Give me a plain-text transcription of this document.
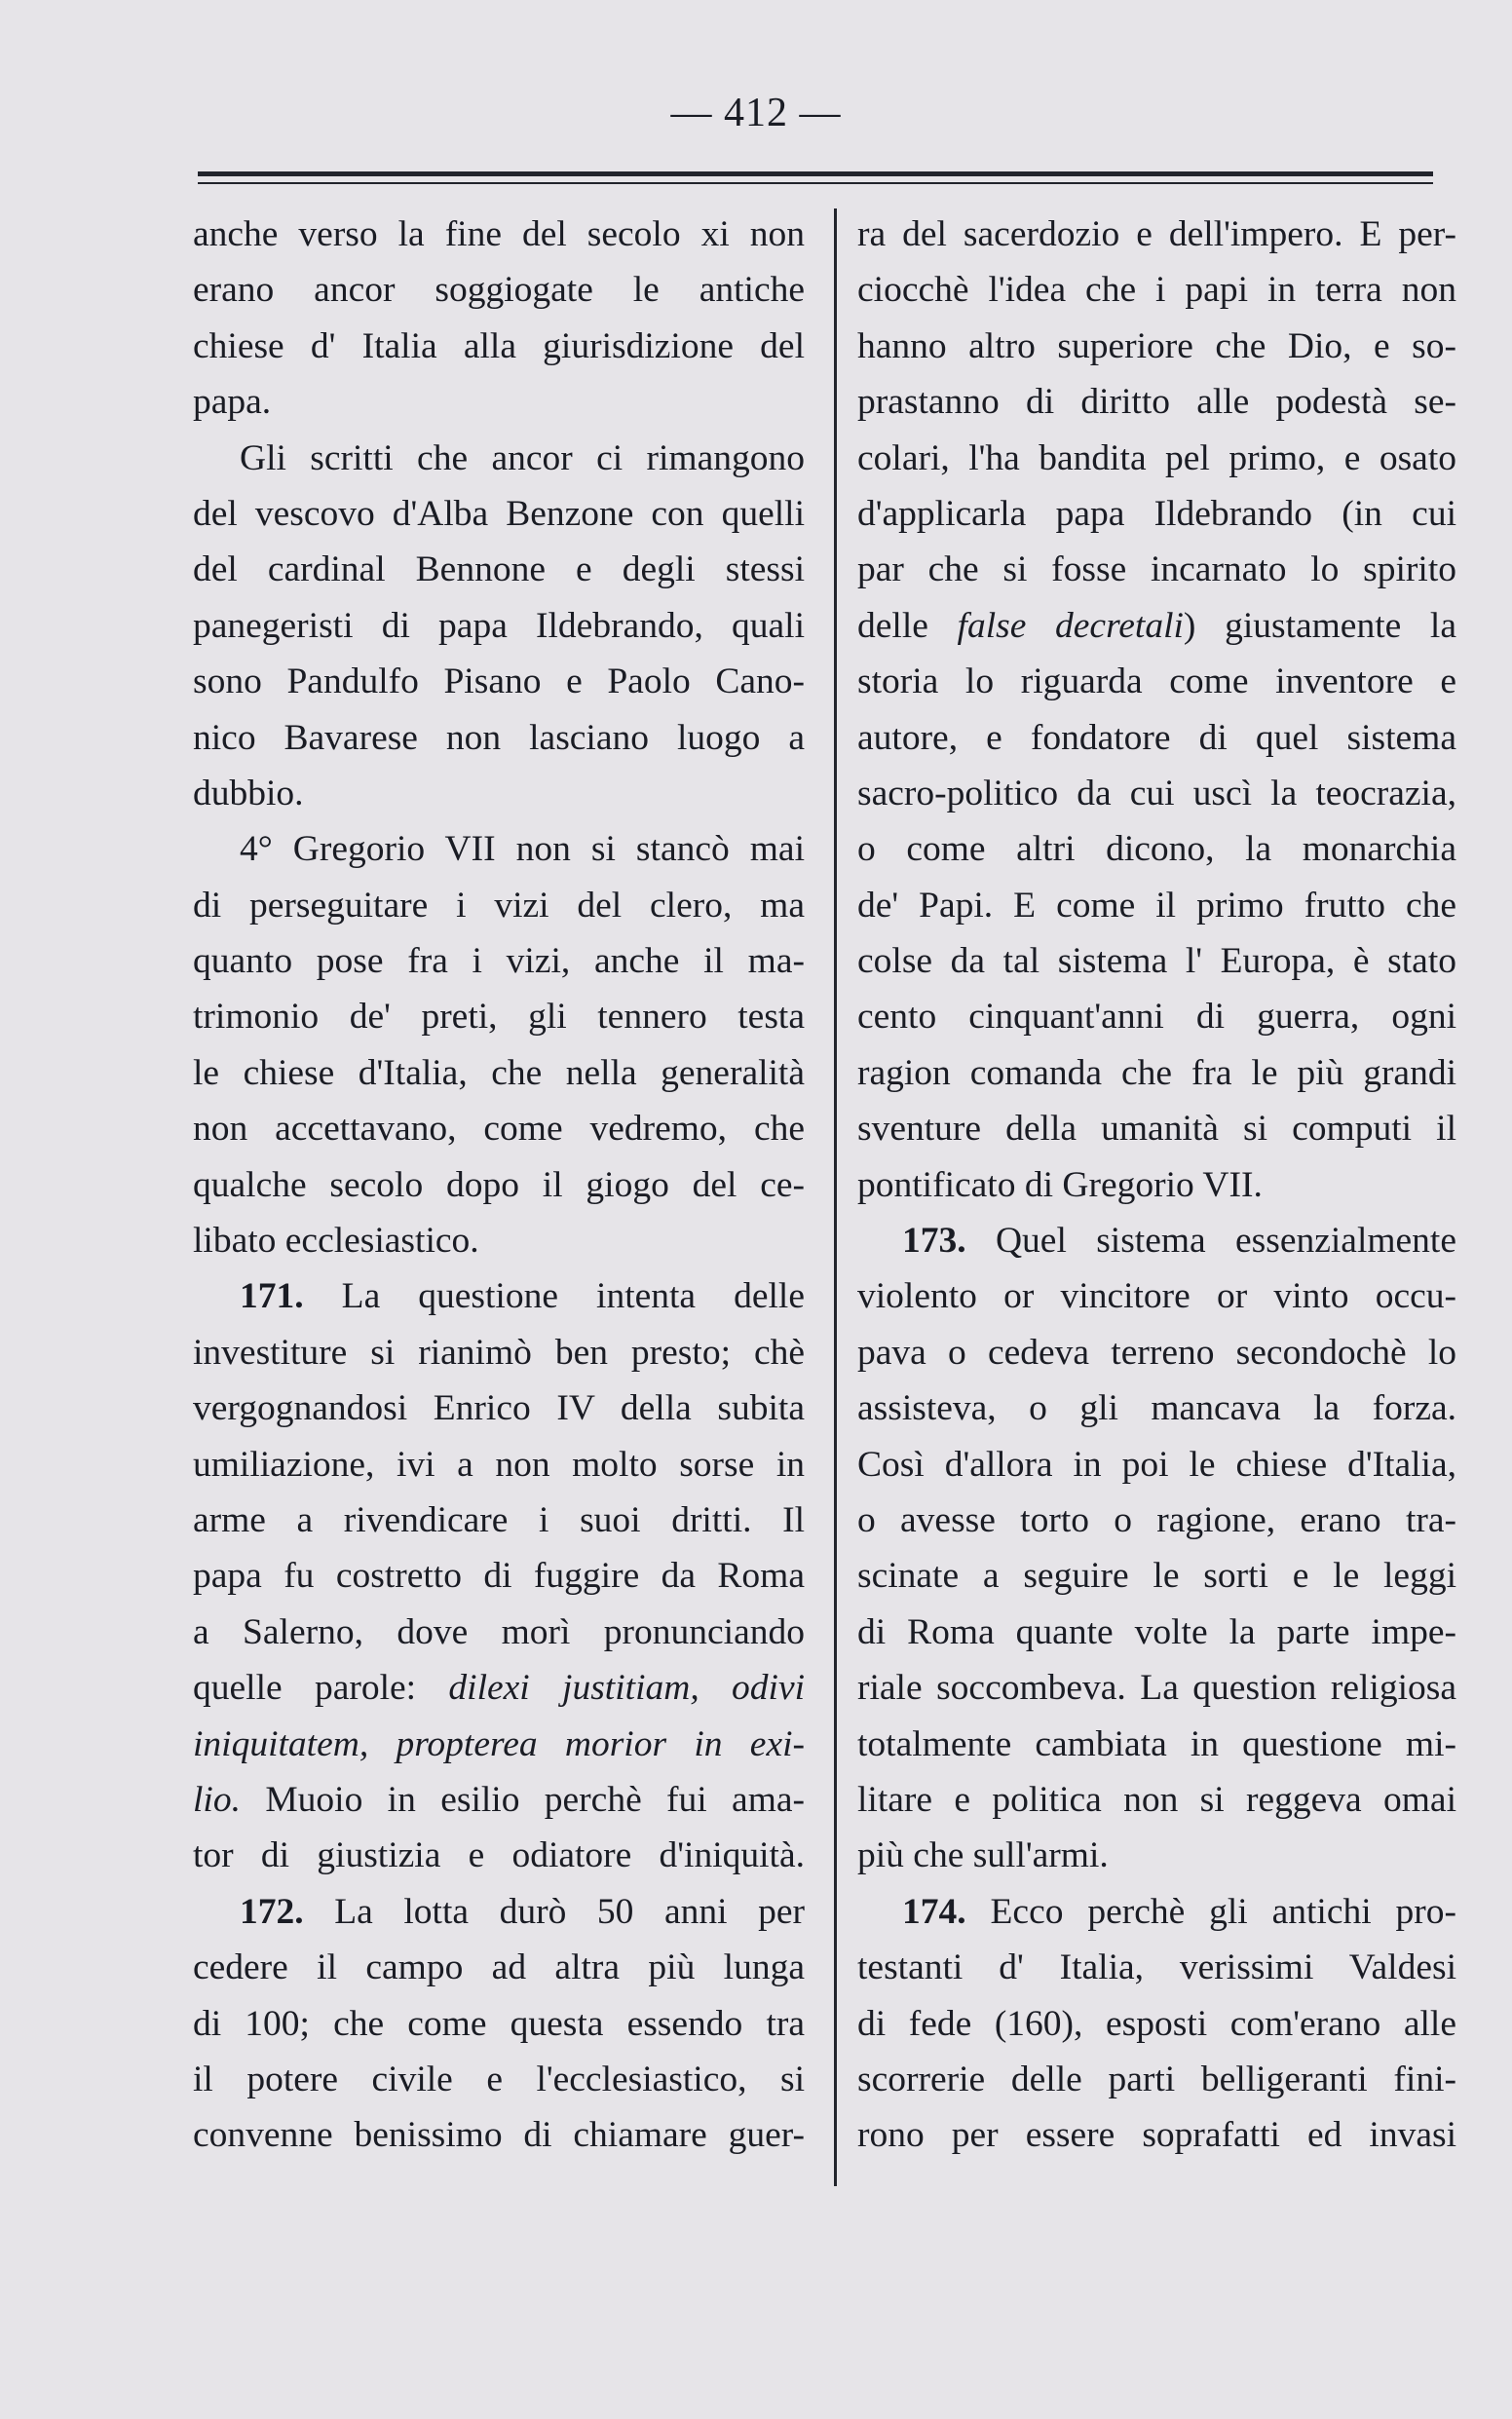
— 412 —
anche verso la fine del secolo xi non
erano ancor soggiogate le antiche
chiese d' Italia alla giurisdizione del
papa.
Gli scritti che ancor ci rimangono
del vescovo d'Alba Benzone con quelli
del cardinal Bennone e degli stessi
panegeristi di papa Ildebrando, quali
sono Pandulfo Pisano e Paolo Cano-
nico Bavarese non lasciano luogo a
dubbio.
4° Gregorio VII non si stancò mai
di perseguitare i vizi del clero, ma
quanto pose fra i vizi, anche il ma-
trimonio de' preti, gli tennero testa
le chiese d'Italia, che nella generalità
non accettavano, come vedremo, che
qualche secolo dopo il giogo del ce-
libato ecclesiastico.
171. La questione intenta delle
investiture si rianimò ben presto; chè
vergognandosi Enrico IV della subita
umiliazione, ivi a non molto sorse in
arme a rivendicare i suoi dritti. Il
papa fu costretto di fuggire da Roma
a Salerno, dove morì pronunciando
quelle parole: dilexi justitiam, odivi
iniquitatem, propterea morior in exi-
lio. Muoio in esilio perchè fui ama-
tor di giustizia e odiatore d'iniquità.
172. La lotta durò 50 anni per
cedere il campo ad altra più lunga
di 100; che come questa essendo tra
il potere civile e l'ecclesiastico, si
convenne benissimo di chiamare guer-
ra del sacerdozio e dell'impero. E per-
ciocchè l'idea che i papi in terra non
hanno altro superiore che Dio, e so-
prastanno di diritto alle podestà se-
colari, l'ha bandita pel primo, e osato
d'applicarla papa Ildebrando (in cui
par che si fosse incarnato lo spirito
delle false decretali) giustamente la
storia lo riguarda come inventore e
autore, e fondatore di quel sistema
sacro-politico da cui uscì la teocrazia,
o come altri dicono, la monarchia
de' Papi. E come il primo frutto che
colse da tal sistema l' Europa, è stato
cento cinquant'anni di guerra, ogni
ragion comanda che fra le più grandi
sventure della umanità si computi il
pontificato di Gregorio VII.
173. Quel sistema essenzialmente
violento or vincitore or vinto occu-
pava o cedeva terreno secondochè lo
assisteva, o gli mancava la forza.
Così d'allora in poi le chiese d'Italia,
o avesse torto o ragione, erano tra-
scinate a seguire le sorti e le leggi
di Roma quante volte la parte impe-
riale soccombeva. La question religiosa
totalmente cambiata in questione mi-
litare e politica non si reggeva omai
più che sull'armi.
174. Ecco perchè gli antichi pro-
testanti d' Italia, verissimi Valdesi
di fede (160), esposti com'erano alle
scorrerie delle parti belligeranti fini-
rono per essere soprafatti ed invasi
